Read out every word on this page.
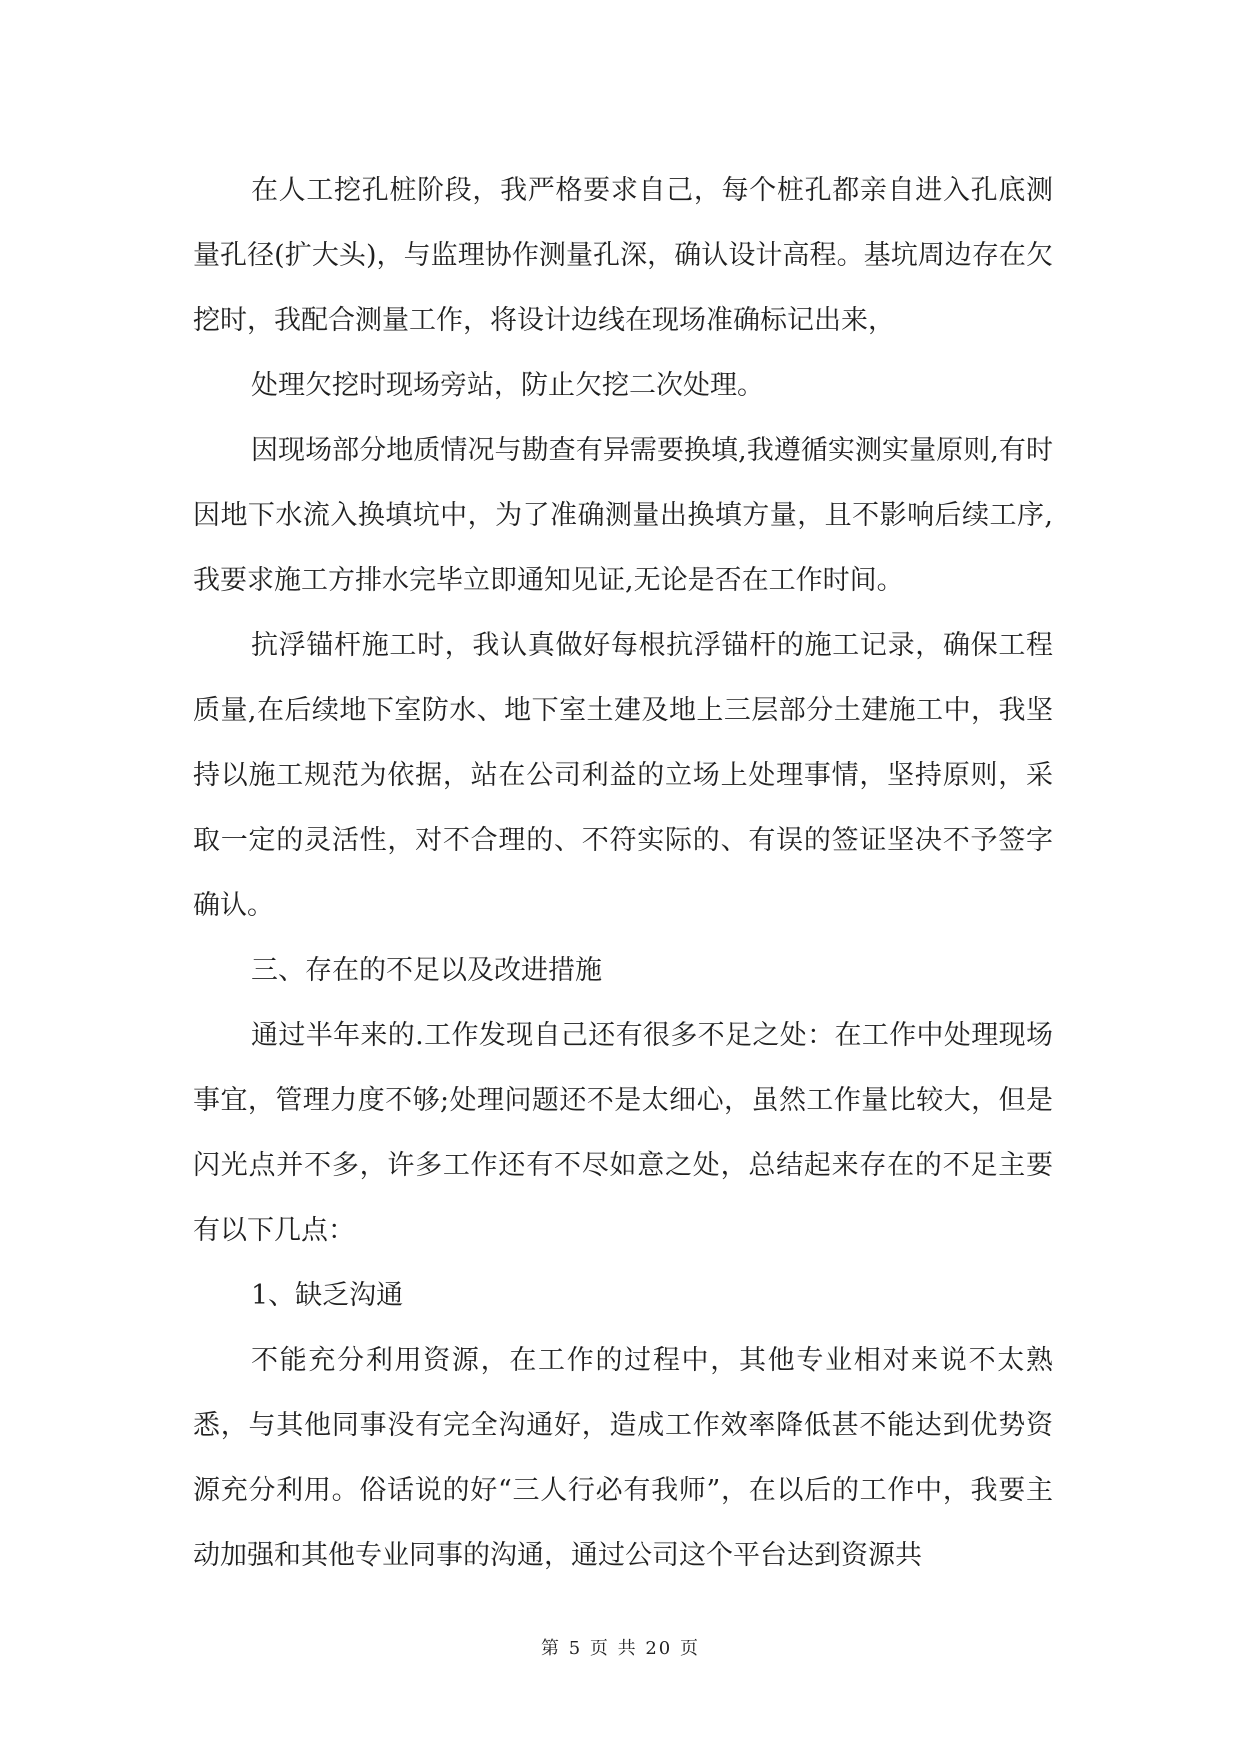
在人工挖孔桩阶段，我严格要求自己，每个桩孔都亲自进入孔底测量孔径(扩大头)，与监理协作测量孔深，确认设计高程。基坑周边存在欠挖时，我配合测量工作，将设计边线在现场准确标记出来，

处理欠挖时现场旁站，防止欠挖二次处理。

因现场部分地质情况与勘查有异需要换填,我遵循实测实量原则,有时因地下水流入换填坑中，为了准确测量出换填方量，且不影响后续工序,我要求施工方排水完毕立即通知见证,无论是否在工作时间。

抗浮锚杆施工时，我认真做好每根抗浮锚杆的施工记录，确保工程质量,在后续地下室防水、地下室土建及地上三层部分土建施工中，我坚持以施工规范为依据，站在公司利益的立场上处理事情，坚持原则，采取一定的灵活性，对不合理的、不符实际的、有误的签证坚决不予签字确认。

三、存在的不足以及改进措施

通过半年来的.工作发现自己还有很多不足之处：在工作中处理现场事宜，管理力度不够;处理问题还不是太细心，虽然工作量比较大，但是闪光点并不多，许多工作还有不尽如意之处，总结起来存在的不足主要有以下几点：

1、缺乏沟通

不能充分利用资源，在工作的过程中，其他专业相对来说不太熟悉，与其他同事没有完全沟通好，造成工作效率降低甚不能达到优势资源充分利用。俗话说的好“三人行必有我师”，在以后的工作中，我要主动加强和其他专业同事的沟通，通过公司这个平台达到资源共

第 5 页 共 20 页
